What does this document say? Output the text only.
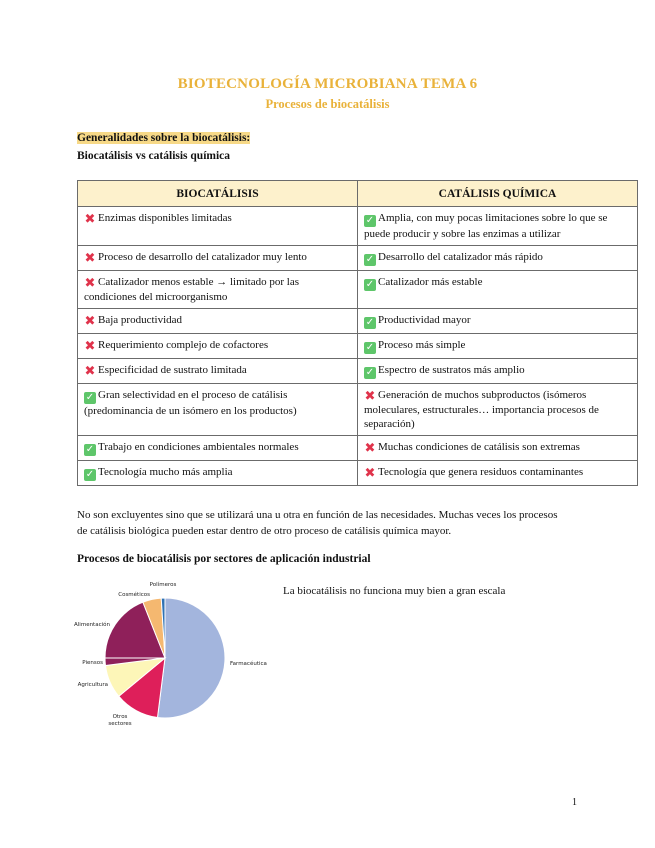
BIOTECNOLOGÍA MICROBIANA TEMA 6
Procesos de biocatálisis
Generalidades sobre la biocatálisis:
Biocatálisis vs catálisis química
BIOCATÁLISIS	CATÁLISIS QUÍMICA
✖ Enzimas disponibles limitadas	✓ Amplia, con muy pocas limitaciones sobre lo que se puede producir y sobre las enzimas a utilizar
✖ Proceso de desarrollo del catalizador muy lento	✓ Desarrollo del catalizador más rápido
✖ Catalizador menos estable → limitado por las condiciones del microorganismo	✓ Catalizador más estable
✖ Baja productividad	✓ Productividad mayor
✖ Requerimiento complejo de cofactores	✓ Proceso más simple
✖ Especificidad de sustrato limitada	✓ Espectro de sustratos más amplio
✓ Gran selectividad en el proceso de catálisis (predominancia de un isómero en los productos)	✖ Generación de muchos subproductos (isómeros moleculares, estructurales… importancia procesos de separación)
✓ Trabajo en condiciones ambientales normales	✖ Muchas condiciones de catálisis son extremas
✓ Tecnología mucho más amplia	✖ Tecnología que genera residuos contaminantes
No son excluyentes sino que se utilizará una u otra en función de las necesidades. Muchas veces los procesos de catálisis biológica pueden estar dentro de otro proceso de catálisis química mayor.
Procesos de biocatálisis por sectores de aplicación industrial
Farmacéutica
Otros
sectores
Agricultura
Piensos
Alimentación
Cosméticos
Polímeros	La biocatálisis no funciona muy bien a gran escala
1
